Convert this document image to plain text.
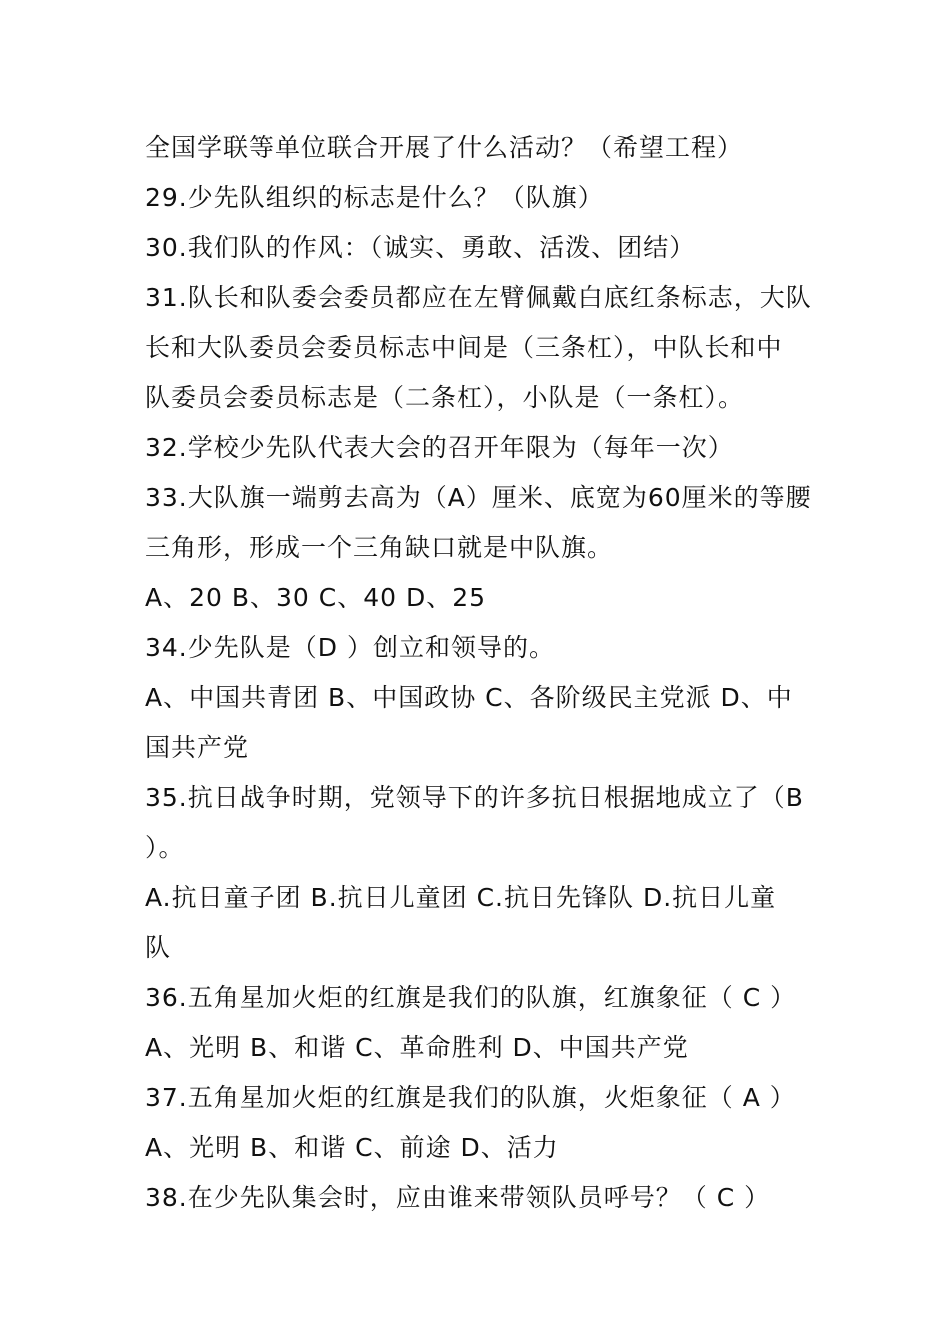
全国学联等单位联合开展了什么活动？（希望工程）
29.少先队组织的标志是什么？（队旗）
30.我们队的作风：（诚实、勇敢、活泼、团结）
31.队长和队委会委员都应在左臂佩戴白底红条标志，大队
长和大队委员会委员标志中间是（三条杠），中队长和中
队委员会委员标志是（二条杠），小队是（一条杠）。
32.学校少先队代表大会的召开年限为（每年一次）
33.大队旗一端剪去高为（A）厘米、底宽为60厘米的等腰
三角形，形成一个三角缺口就是中队旗。
A、20 B、30 C、40 D、25
34.少先队是（D ）创立和领导的。
A、中国共青团 B、中国政协 C、各阶级民主党派 D、中
国共产党
35.抗日战争时期，党领导下的许多抗日根据地成立了（B
）。
A.抗日童子团 B.抗日儿童团 C.抗日先锋队 D.抗日儿童
队
36.五角星加火炬的红旗是我们的队旗，红旗象征（ C ）
A、光明 B、和谐 C、革命胜利 D、中国共产党
37.五角星加火炬的红旗是我们的队旗，火炬象征（ A ）
A、光明 B、和谐 C、前途 D、活力
38.在少先队集会时，应由谁来带领队员呼号？（ C ）
